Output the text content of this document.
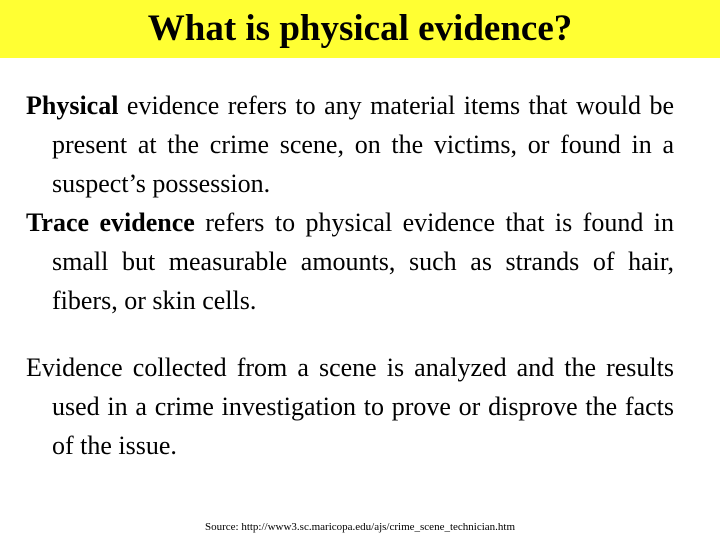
What is physical evidence?

Physical evidence refers to any material items that would be present at the crime scene, on the victims, or found in a suspect’s possession.

Trace evidence refers to physical evidence that is found in small but measurable amounts, such as strands of hair, fibers, or skin cells.

Evidence collected from a scene is analyzed and the results used in a crime investigation to prove or disprove the facts of the issue.

Source: http://www3.sc.maricopa.edu/ajs/crime_scene_technician.htm
